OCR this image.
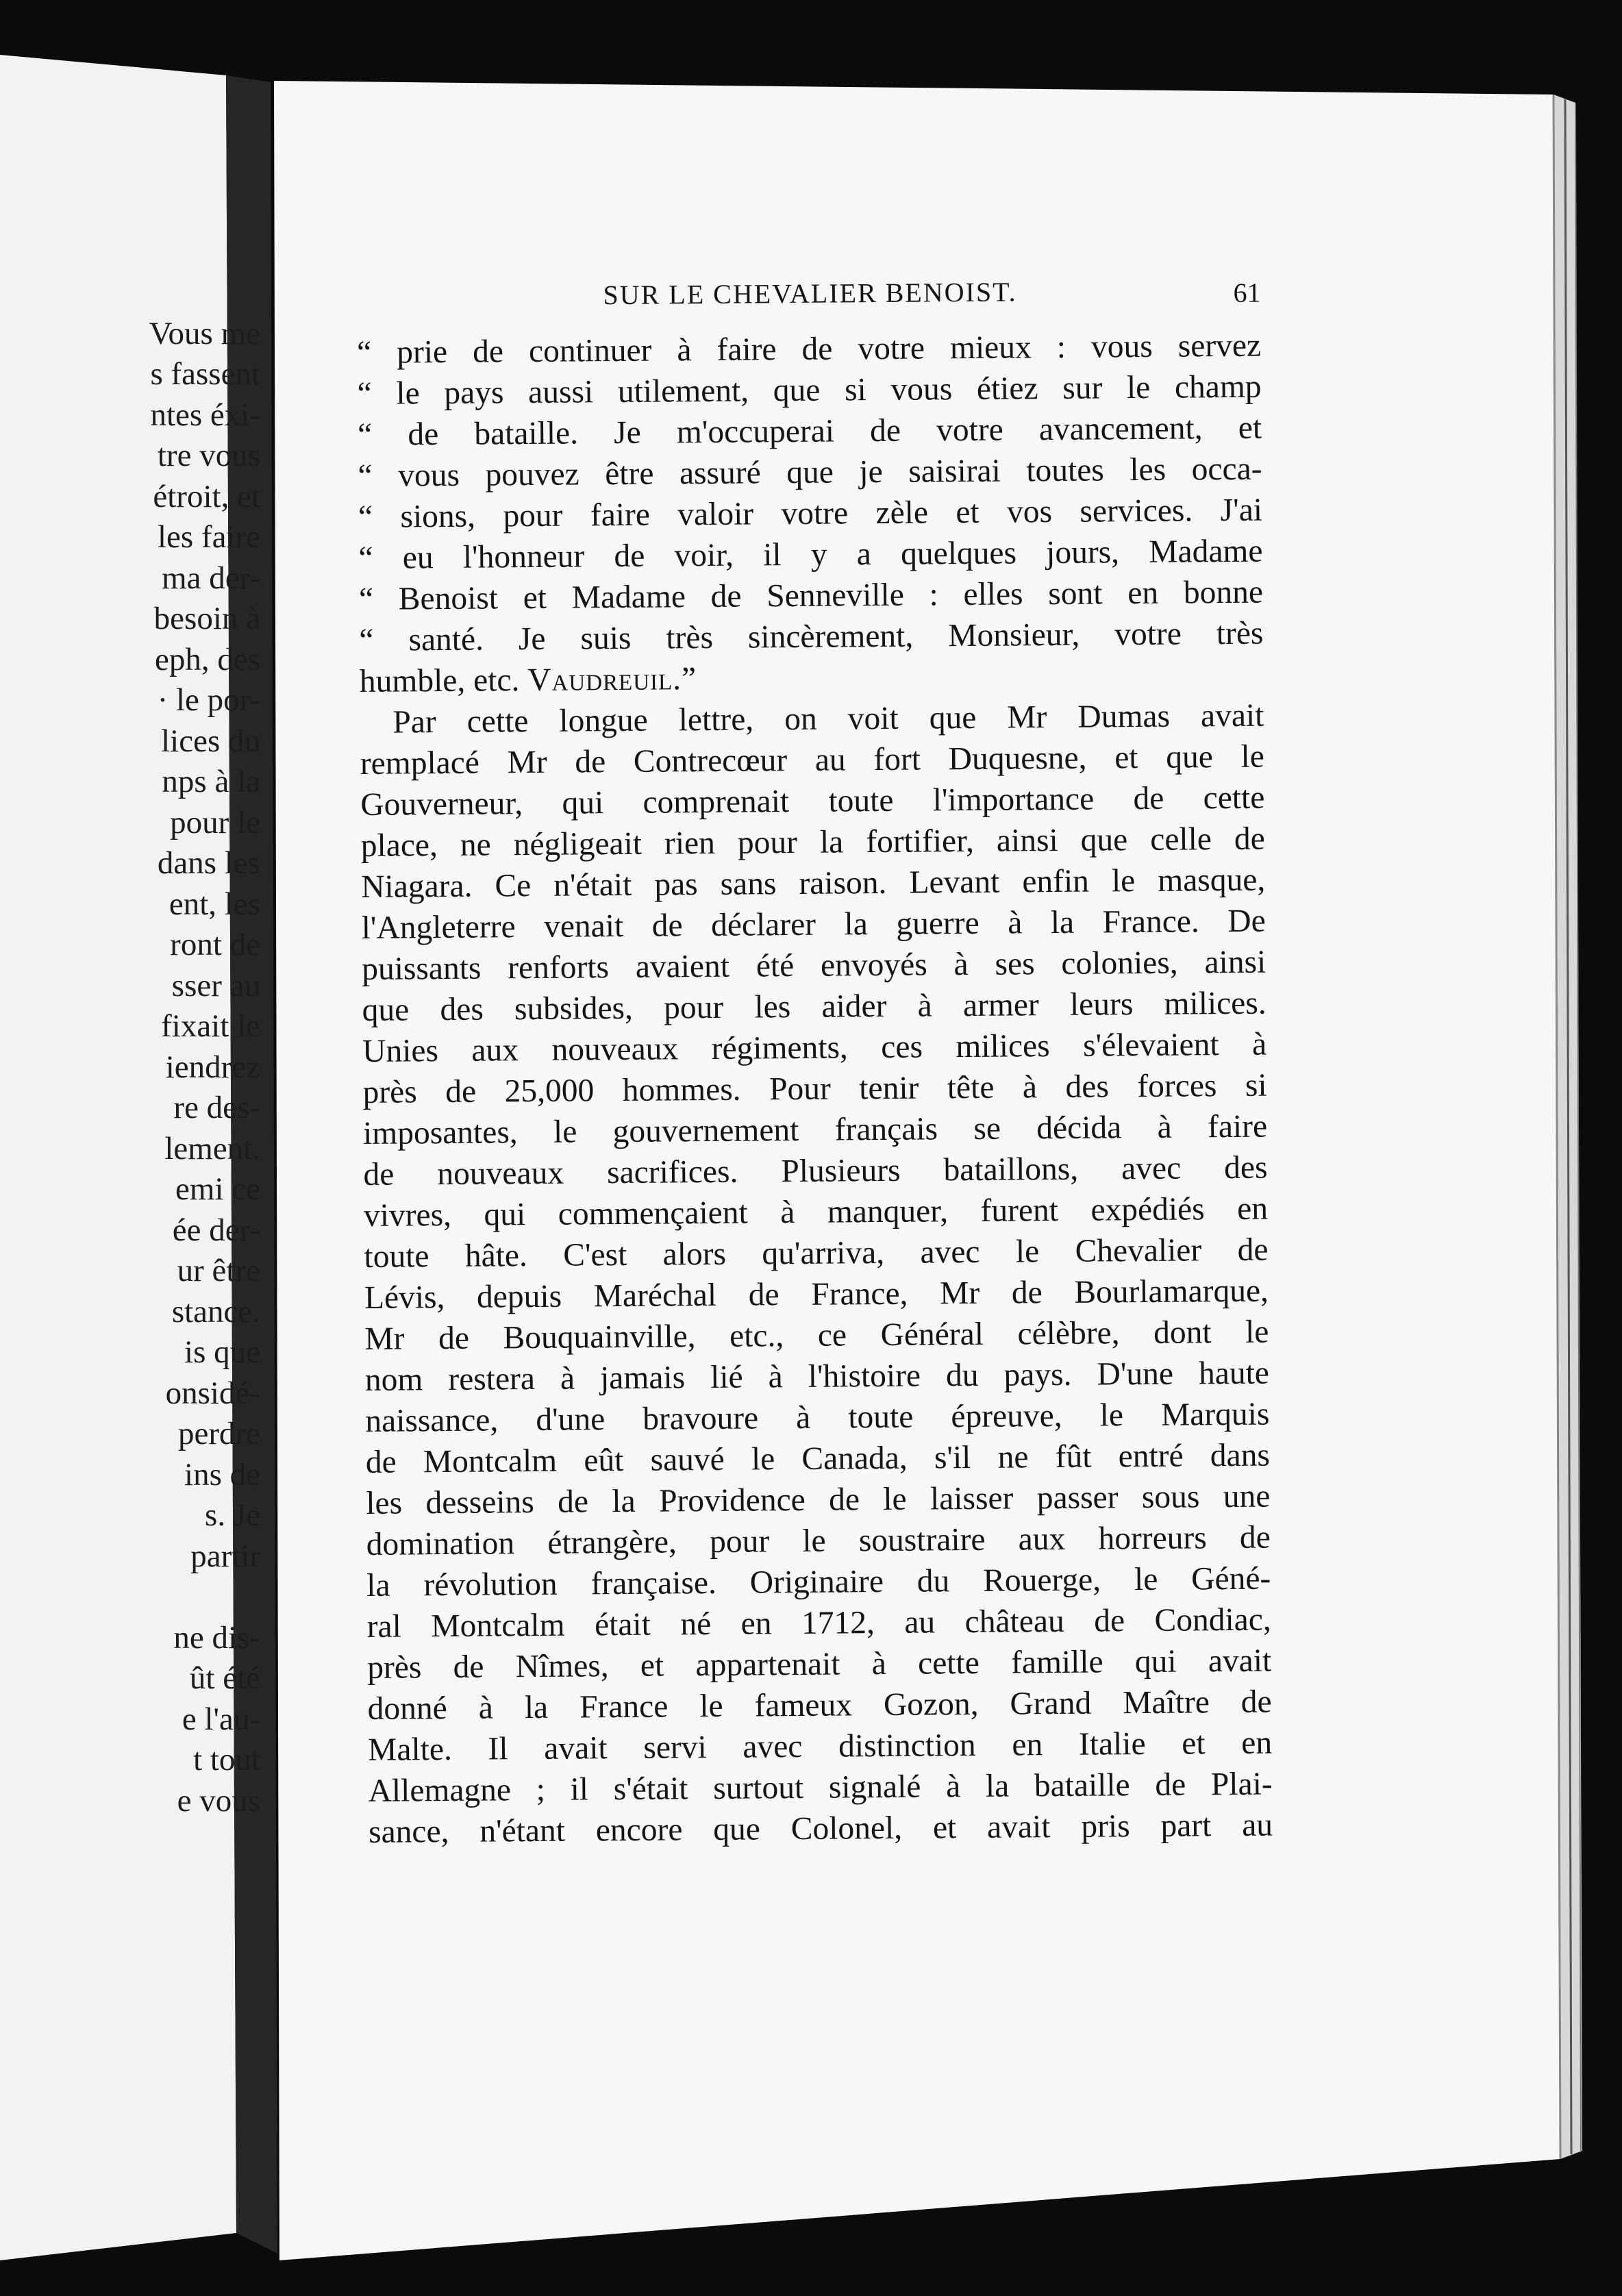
Vous me
s fassent
ntes éxi-
tre vous
étroit, et
les faire
ma der-
besoin à
eph, des
· le por-
lices du
nps à la
pour le
dans les
ent, les
ront de
sser au
fixait le
iendrez
re des-
lement.
emi ce
ée der-
ur être
stance.
is que
onsidé-
perdre
ins de
s. Je
partir
ne dis-
ût été
e l'au-
t tout
e vous
SUR LE CHEVALIER BENOIST.	61
“ prie de continuer à faire de votre mieux : vous servez
“ le pays aussi utilement, que si vous étiez sur le champ
“ de bataille. Je m'occuperai de votre avancement, et
“ vous pouvez être assuré que je saisirai toutes les occa-
“ sions, pour faire valoir votre zèle et vos services. J'ai
“ eu l'honneur de voir, il y a quelques jours, Madame
“ Benoist et Madame de Senneville : elles sont en bonne
“ santé. Je suis très sincèrement, Monsieur, votre très
humble, etc. Vaudreuil.”
Par cette longue lettre, on voit que Mr Dumas avait
remplacé Mr de Contrecœur au fort Duquesne, et que le
Gouverneur, qui comprenait toute l'importance de cette
place, ne négligeait rien pour la fortifier, ainsi que celle de
Niagara. Ce n'était pas sans raison. Levant enfin le masque,
l'Angleterre venait de déclarer la guerre à la France. De
puissants renforts avaient été envoyés à ses colonies, ainsi
que des subsides, pour les aider à armer leurs milices.
Unies aux nouveaux régiments, ces milices s'élevaient à
près de 25,000 hommes. Pour tenir tête à des forces si
imposantes, le gouvernement français se décida à faire
de nouveaux sacrifices. Plusieurs bataillons, avec des
vivres, qui commençaient à manquer, furent expédiés en
toute hâte. C'est alors qu'arriva, avec le Chevalier de
Lévis, depuis Maréchal de France, Mr de Bourlamarque,
Mr de Bouquainville, etc., ce Général célèbre, dont le
nom restera à jamais lié à l'histoire du pays. D'une haute
naissance, d'une bravoure à toute épreuve, le Marquis
de Montcalm eût sauvé le Canada, s'il ne fût entré dans
les desseins de la Providence de le laisser passer sous une
domination étrangère, pour le soustraire aux horreurs de
la révolution française. Originaire du Rouerge, le Géné-
ral Montcalm était né en 1712, au château de Condiac,
près de Nîmes, et appartenait à cette famille qui avait
donné à la France le fameux Gozon, Grand Maître de
Malte. Il avait servi avec distinction en Italie et en
Allemagne ; il s'était surtout signalé à la bataille de Plai-
sance, n'étant encore que Colonel, et avait pris part au
